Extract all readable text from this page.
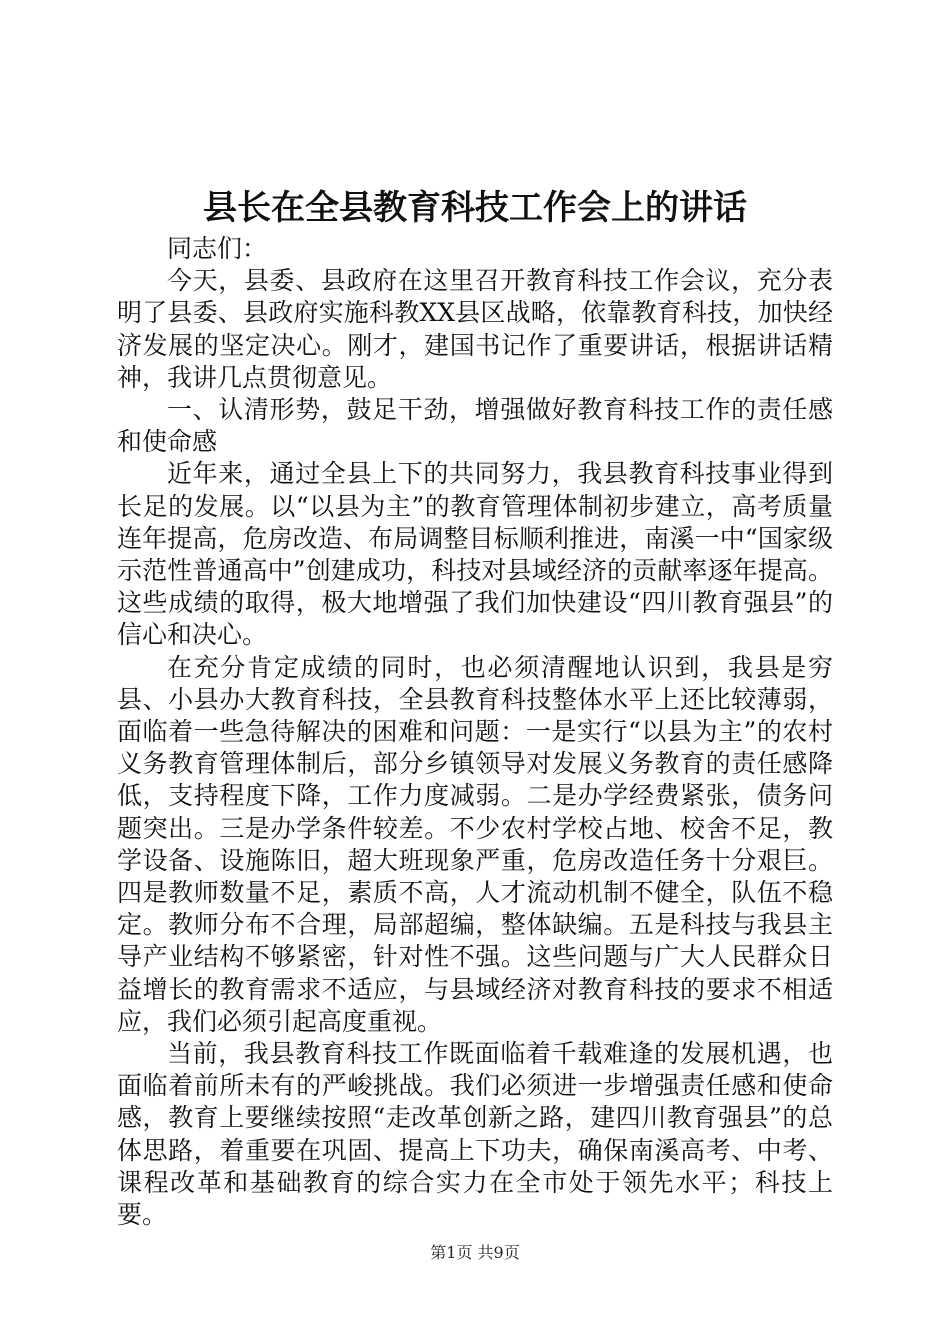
县长在全县教育科技工作会上的讲话

同志们：

今天，县委、县政府在这里召开教育科技工作会议，充分表明了县委、县政府实施科教XX县区战略，依靠教育科技，加快经济发展的坚定决心。刚才，建国书记作了重要讲话，根据讲话精神，我讲几点贯彻意见。

一、认清形势，鼓足干劲，增强做好教育科技工作的责任感和使命感

近年来，通过全县上下的共同努力，我县教育科技事业得到长足的发展。以“以县为主”的教育管理体制初步建立，高考质量连年提高，危房改造、布局调整目标顺利推进，南溪一中“国家级示范性普通高中”创建成功，科技对县域经济的贡献率逐年提高。这些成绩的取得，极大地增强了我们加快建设“四川教育强县”的信心和决心。

在充分肯定成绩的同时，也必须清醒地认识到，我县是穷县、小县办大教育科技，全县教育科技整体水平上还比较薄弱，面临着一些急待解决的困难和问题：一是实行“以县为主”的农村义务教育管理体制后，部分乡镇领导对发展义务教育的责任感降低，支持程度下降，工作力度减弱。二是办学经费紧张，债务问题突出。三是办学条件较差。不少农村学校占地、校舍不足，教学设备、设施陈旧，超大班现象严重，危房改造任务十分艰巨。四是教师数量不足，素质不高，人才流动机制不健全，队伍不稳定。教师分布不合理，局部超编，整体缺编。五是科技与我县主导产业结构不够紧密，针对性不强。这些问题与广大人民群众日益增长的教育需求不适应，与县域经济对教育科技的要求不相适应，我们必须引起高度重视。

当前，我县教育科技工作既面临着千载难逢的发展机遇，也面临着前所未有的严峻挑战。我们必须进一步增强责任感和使命感，教育上要继续按照“走改革创新之路，建四川教育强县”的总体思路，着重要在巩固、提高上下功夫，确保南溪高考、中考、课程改革和基础教育的综合实力在全市处于领先水平；科技上要。

第1页 共9页
